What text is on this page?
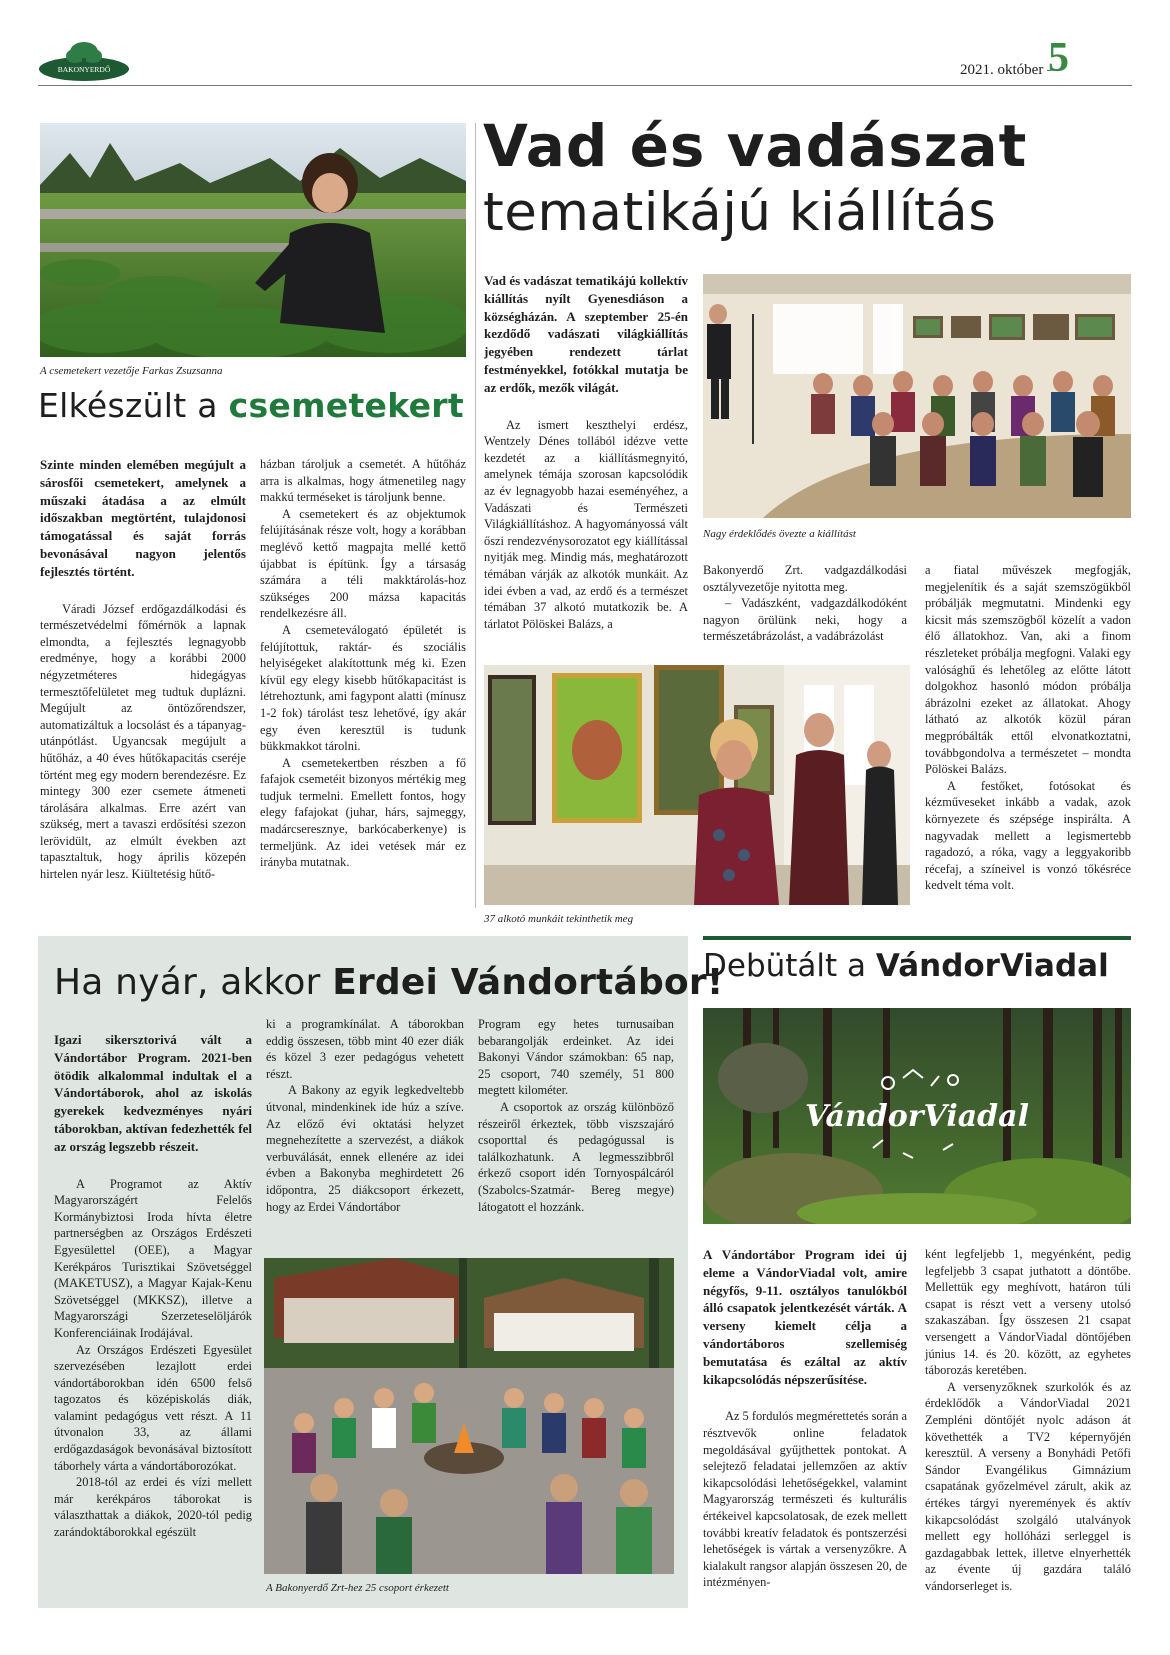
BAKONYERDŐ	2021. október –
5
A csemetekert vezetője Farkas Zsuzsanna
Elkészült a csemetekert

Szinte minden elemében megújult a sárosfői csemetekert, amelynek a műszaki átadása a az elmúlt időszakban megtörtént, tulajdonosi támogatással és saját forrás bevonásával nagyon jelentős fejlesztés történt.

Váradi József erdőgazdálkodási és természetvédelmi főmérnök a lapnak elmondta, a fejlesztés legnagyobb eredménye, hogy a korábbi 2000 négyzetméteres hidegágyas termesztőfelületet meg tudtuk duplázni. Megújult az öntözőrendszer, automatizáltuk a locsolást és a tápanyag-utánpótlást. Ugyancsak megújult a hűtőház, a 40 éves hűtőkapacitás cseréje történt meg egy modern berendezésre. Ez mintegy 300 ezer csemete átmeneti tárolására alkalmas. Erre azért van szükség, mert a tavaszi erdősítési szezon lerövidült, az elmúlt években azt tapasztaltuk, hogy április közepén hirtelen nyár lesz. Kiültetésig hűtő-

házban tároljuk a csemetét. A hűtőház arra is alkalmas, hogy átmenetileg nagy makkú terméseket is tároljunk benne.

A csemetekert és az objektumok felújításának része volt, hogy a korábban meglévő kettő magpajta mellé kettő újabbat is építünk. Így a társaság számára a téli makktárolás-hoz szükséges 200 mázsa kapacitás rendelkezésre áll.

A csemeteválogató épületét is felújítottuk, raktár- és szociális helyiségeket alakítottunk még ki. Ezen kívül egy elegy kisebb hűtőkapacitást is létrehoztunk, ami fagypont alatti (mínusz 1-2 fok) tárolást tesz lehetővé, így akár egy éven keresztül is tudunk bükkmakkot tárolni.

A csemetekertben részben a fő fafajok csemetéit bizonyos mértékig meg tudjuk termelni. Emellett fontos, hogy elegy fafajokat (juhar, hárs, sajmeggy, madárcseresznye, barkócaberkenye) is termeljünk. Az idei vetések már ez irányba mutatnak.

Vad és vadászat
tematikájú kiállítás

Vad és vadászat tematikájú kollektív kiállítás nyílt Gyenesdiáson a községházán. A szeptember 25-én kezdődő vadászati világkiállítás jegyében rendezett tárlat festményekkel, fotókkal mutatja be az erdők, mezők világát.

Az ismert keszthelyi erdész, Wentzely Dénes tollából idézve vette kezdetét az a kiállításmegnyitó, amelynek témája szorosan kapcsolódik az év legnagyobb hazai eseményéhez, a Vadászati és Természeti Világkiállításhoz. A hagyományossá vált őszi rendezvénysorozatot egy kiállítással nyitják meg. Mindig más, meghatározott témában várják az alkotók munkáit. Az idei évben a vad, az erdő és a természet témában 37 alkotó mutatkozik be. A tárlatot Pölöskei Balázs, a

Nagy érdeklődés övezte a kiállítást

Bakonyerdő Zrt. vadgazdálkodási osztályvezetője nyitotta meg.

– Vadászként, vadgazdálkodóként nagyon örülünk neki, hogy a természetábrázolást, a vadábrázolást

a fiatal művészek megfogják, megjelenítik és a saját szemszögükből próbálják megmutatni. Mindenki egy kicsit más szemszögből közelít a vadon élő állatokhoz. Van, aki a finom részleteket próbálja megfogni. Valaki egy valósághű és lehetőleg az előtte látott dolgokhoz hasonló módon próbálja ábrázolni ezeket az állatokat. Ahogy látható az alkotók közül páran megpróbálták ettől elvonatkoztatni, továbbgondolva a természetet – mondta Pölöskei Balázs.

A festőket, fotósokat és kézműveseket inkább a vadak, azok környezete és szépsége inspirálta. A nagyvadak mellett a legismertebb ragadozó, a róka, vagy a leggyakoribb récefaj, a színeivel is vonzó tőkésréce kedvelt téma volt.

37 alkotó munkáit tekinthetik meg
Ha nyár, akkor Erdei Vándortábor!

Igazi sikersztorivá vált a Vándortábor Program. 2021-ben ötödik alkalommal indultak el a Vándortáborok, ahol az iskolás gyerekek kedvezményes nyári táborokban, aktívan fedezhették fel az ország legszebb részeit.

A Programot az Aktív Magyarországért Felelős Kormánybiztosi Iroda hívta életre partnerségben az Országos Erdészeti Egyesülettel (OEE), a Magyar Kerékpáros Turisztikai Szövetséggel (MAKETUSZ), a Magyar Kajak-Kenu Szövetséggel (MKKSZ), illetve a Magyarországi Szerzeteselöljárók Konferenciáinak Irodájával.

Az Országos Erdészeti Egyesület szervezésében lezajlott erdei vándortáborokban idén 6500 felső tagozatos és középiskolás diák, valamint pedagógus vett részt. A 11 útvonalon 33, az állami erdőgazdaságok bevonásával biztosított táborhely várta a vándortáborozókat.

2018-tól az erdei és vízi mellett már kerékpáros táborokat is választhattak a diákok, 2020-tól pedig zarándoktáborokkal egészült

ki a programkínálat. A táborokban eddig összesen, több mint 40 ezer diák és közel 3 ezer pedagógus vehetett részt.

A Bakony az egyik legkedveltebb útvonal, mindenkinek ide húz a szíve. Az előző évi oktatási helyzet megnehezítette a szervezést, a diákok verbuválását, ennek ellenére az idei évben a Bakonyba meghirdetett 26 időpontra, 25 diákcsoport érkezett, hogy az Erdei Vándortábor

Program egy hetes turnusaiban bebarangolják erdeinket. Az idei Bakonyi Vándor számokban: 65 nap, 25 csoport, 740 személy, 51 800 megtett kilométer.

A csoportok az ország különböző részeiről érkeztek, több viszszajáró csoporttal és pedagógussal is találkozhatunk. A legmesszibbről érkező csoport idén Tornyospálcáról (Szabolcs-Szatmár- Bereg megye) látogatott el hozzánk.

A Bakonyerdő Zrt-hez 25 csoport érkezett
Debütált a VándorViadal
VándorViadal

A Vándortábor Program idei új eleme a VándorViadal volt, amire négyfős, 9-11. osztályos tanulókból álló csapatok jelentkezését várták. A verseny kiemelt célja a vándortáboros szellemiség bemutatása és ezáltal az aktív kikapcsolódás népszerűsítése.

Az 5 fordulós megmérettetés során a résztvevők online feladatok megoldásával gyűjthettek pontokat. A selejtező feladatai jellemzően az aktív kikapcsolódási lehetőségekkel, valamint Magyarország természeti és kulturális értékeivel kapcsolatosak, de ezek mellett további kreatív feladatok és pontszerzési lehetőségek is vártak a versenyzőkre. A kialakult rangsor alapján összesen 20, de intézményen-

ként legfeljebb 1, megyénként, pedig legfeljebb 3 csapat juthatott a döntőbe. Mellettük egy meghívott, határon túli csapat is részt vett a verseny utolsó szakaszában. Így összesen 21 csapat versengett a VándorViadal döntőjében június 14. és 20. között, az egyhetes táborozás keretében.

A versenyzőknek szurkolók és az érdeklődők a VándorViadal 2021 Zempléni döntőjét nyolc adáson át követhették a TV2 képernyőjén keresztül. A verseny a Bonyhádi Petőfi Sándor Evangélikus Gimnázium csapatának győzelmével zárult, akik az értékes tárgyi nyeremények és aktív kikapcsolódást szolgáló utalványok mellett egy hollóházi serleggel is gazdagabbak lettek, illetve elnyerhették az évente új gazdára találó vándorserleget is.
